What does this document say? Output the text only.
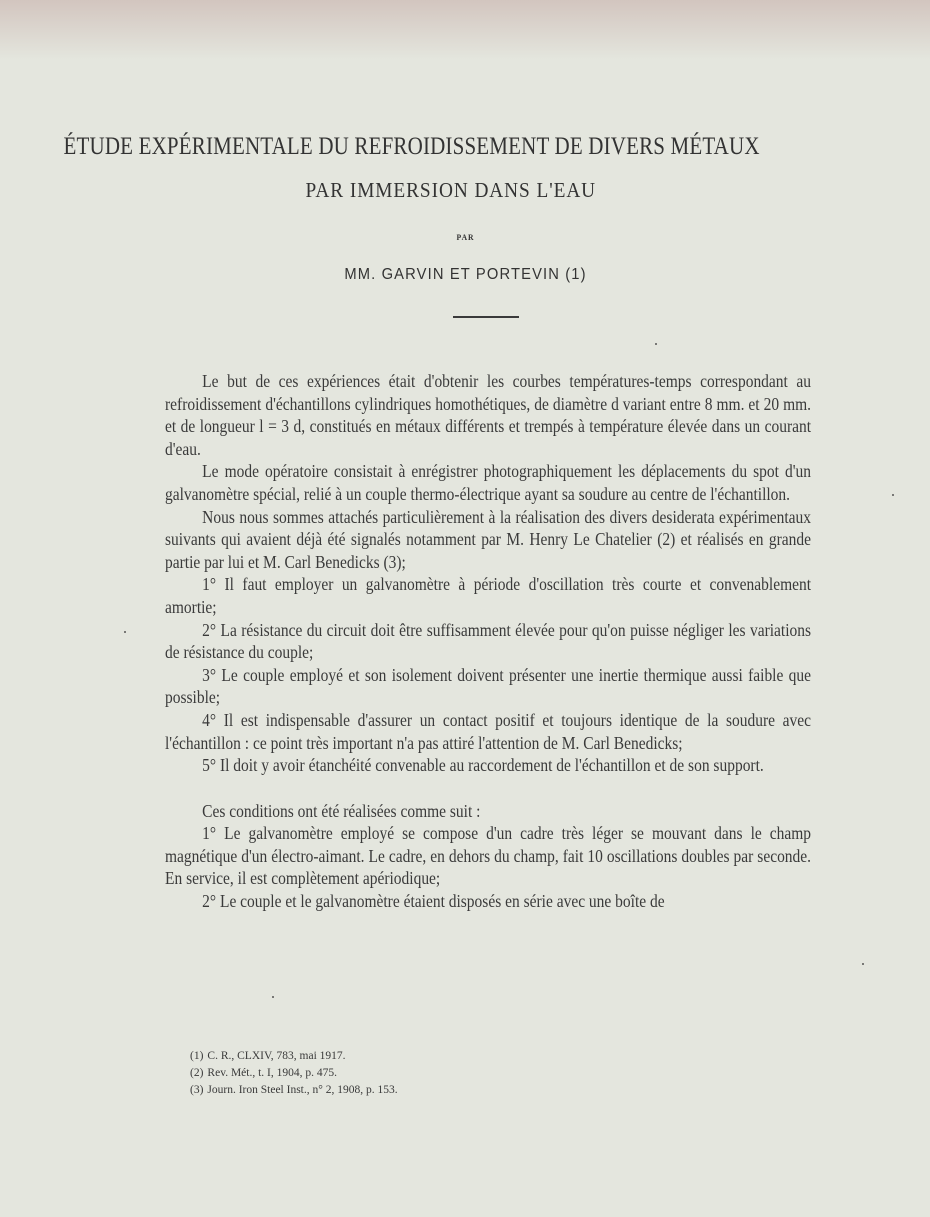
ÉTUDE EXPÉRIMENTALE DU REFROIDISSEMENT DE DIVERS MÉTAUX
PAR IMMERSION DANS L'EAU
PAR
MM. GARVIN ET PORTEVIN (1)

Le but de ces expériences était d'obtenir les courbes températures-temps correspondant au refroidissement d'échantillons cylindriques homothétiques, de diamètre d variant entre 8 mm. et 20 mm. et de longueur l = 3 d, constitués en métaux différents et trempés à température élevée dans un courant d'eau.

Le mode opératoire consistait à enrégistrer photographiquement les déplacements du spot d'un galvanomètre spécial, relié à un couple thermo-électrique ayant sa soudure au centre de l'échantillon.

Nous nous sommes attachés particulièrement à la réalisation des divers desiderata expérimentaux suivants qui avaient déjà été signalés notamment par M. Henry Le Chatelier (2) et réalisés en grande partie par lui et M. Carl Benedicks (3);

1° Il faut employer un galvanomètre à période d'oscillation très courte et convenablement amortie;

2° La résistance du circuit doit être suffisamment élevée pour qu'on puisse négliger les variations de résistance du couple;

3° Le couple employé et son isolement doivent présenter une inertie thermique aussi faible que possible;

4° Il est indispensable d'assurer un contact positif et toujours identique de la soudure avec l'échantillon : ce point très important n'a pas attiré l'attention de M. Carl Benedicks;

5° Il doit y avoir étanchéité convenable au raccordement de l'échantillon et de son support.

Ces conditions ont été réalisées comme suit :

1° Le galvanomètre employé se compose d'un cadre très léger se mouvant dans le champ magnétique d'un électro-aimant. Le cadre, en dehors du champ, fait 10 oscillations doubles par seconde. En service, il est complètement apériodique;

2° Le couple et le galvanomètre étaient disposés en série avec une boîte de

(1) C. R., CLXIV, 783, mai 1917.
(2) Rev. Mét., t. I, 1904, p. 475.
(3) Journ. Iron Steel Inst., n° 2, 1908, p. 153.
